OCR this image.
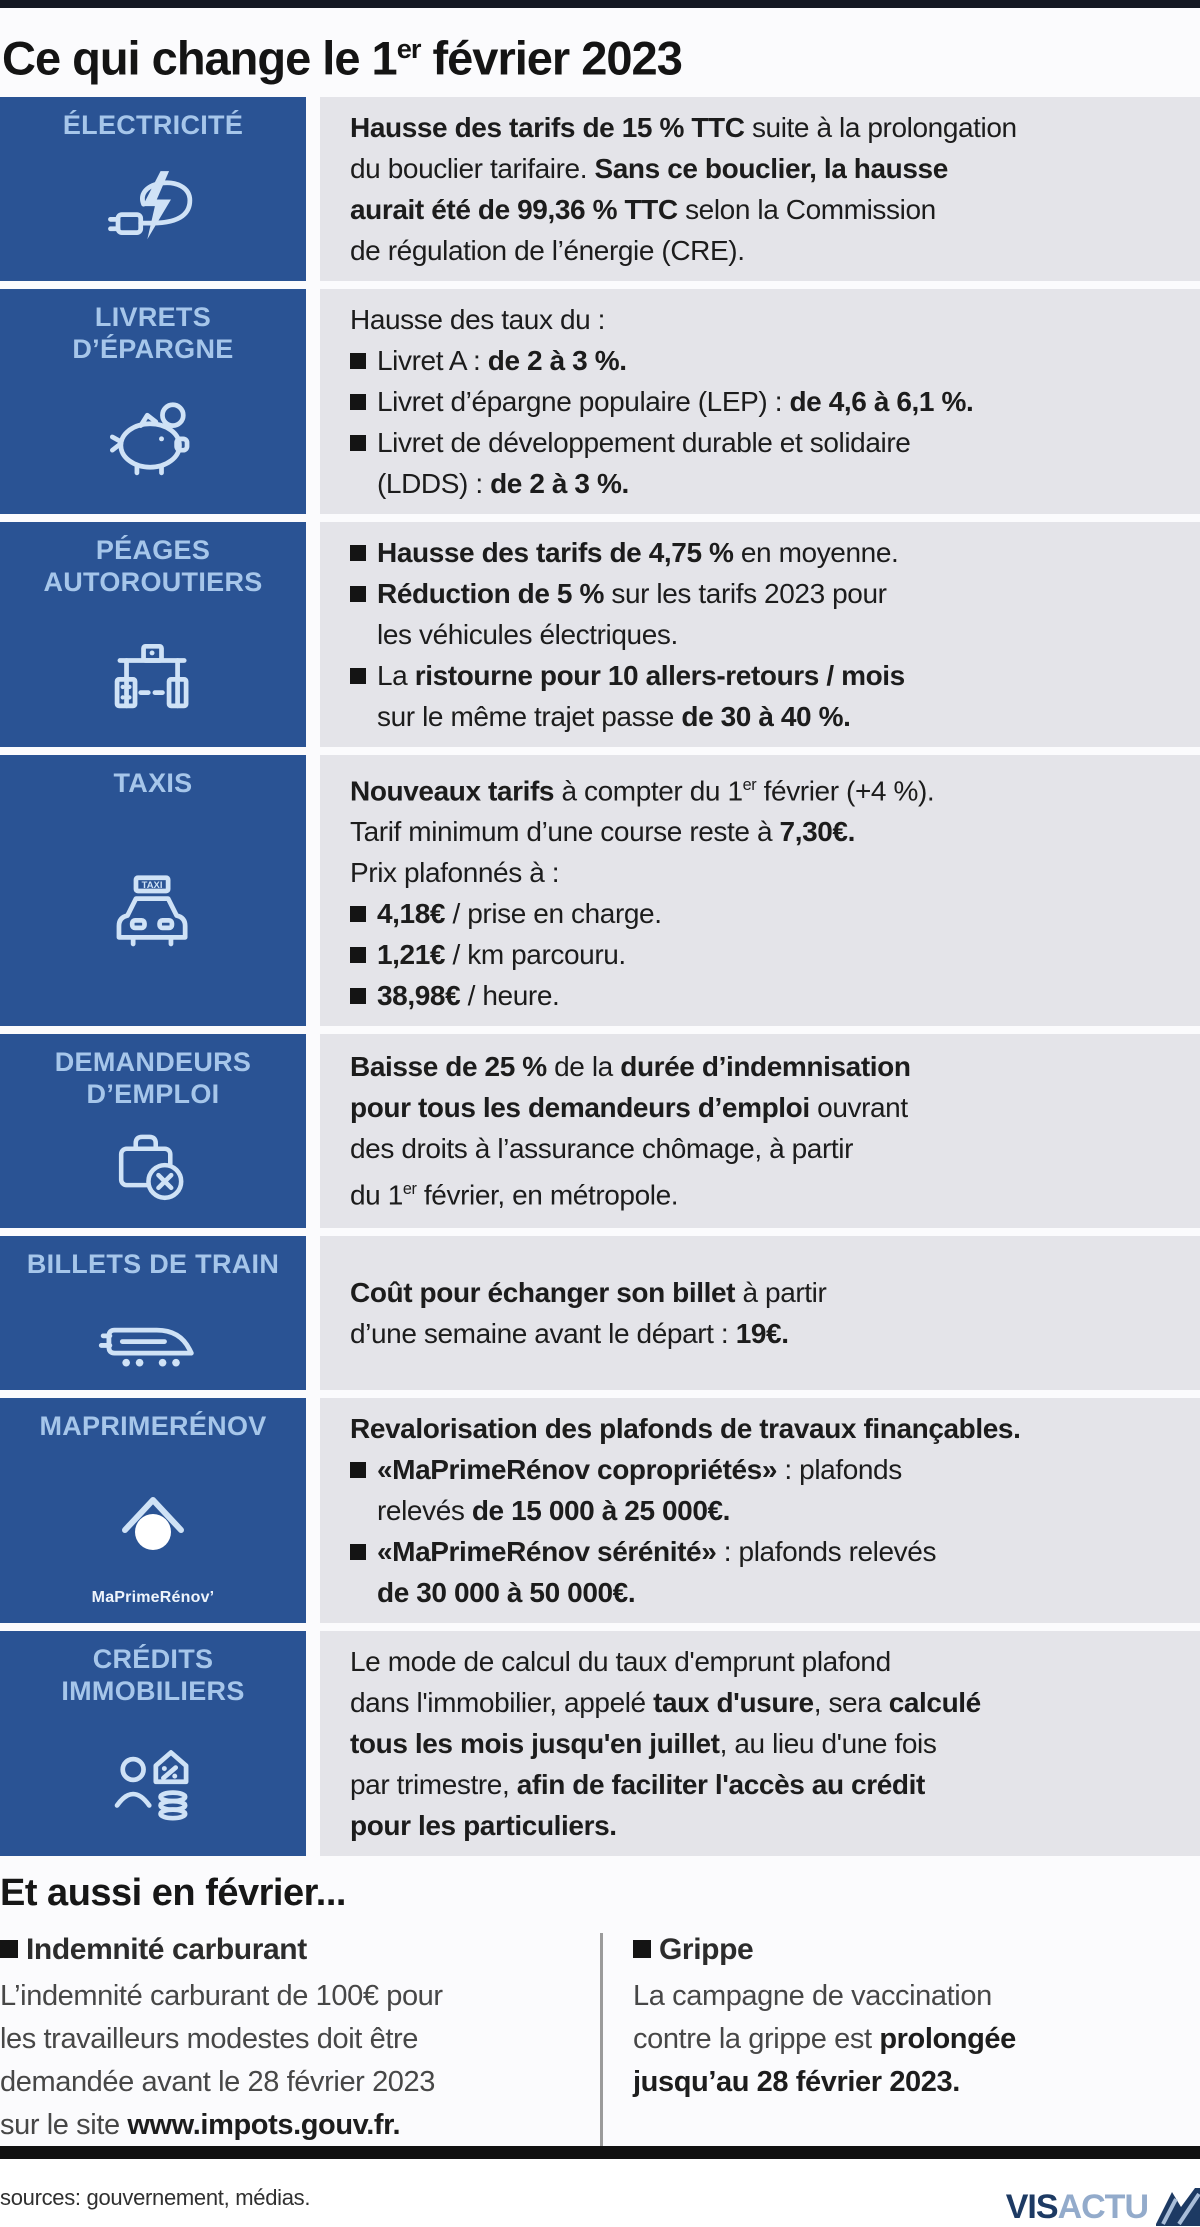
Ce qui change le 1er février 2023
ÉLECTRICITÉ	Hausse des tarifs de 15 % TTC suite à la prolongation
du bouclier tarifaire. Sans ce bouclier, la hausse
aurait été de 99,36 % TTC selon la Commission
de régulation de l’énergie (CRE).
LIVRETS
D’ÉPARGNE
Hausse des taux du :
Livret A : de 2 à 3 %.
Livret d’épargne populaire (LEP) : de 4,6 à 6,1 %.
Livret de développement durable et solidaire
(LDDS) : de 2 à 3 %.
PÉAGES
AUTOROUTIERS
Hausse des tarifs de 4,75 % en moyenne.
Réduction de 5 % sur les tarifs 2023 pour
les véhicules électriques.
La ristourne pour 10 allers-retours / mois
sur le même trajet passe de 30 à 40 %.
TAXIS
TAXI
Nouveaux tarifs à compter du 1er février (+4 %).
Tarif minimum d’une course reste à 7,30€.
Prix plafonnés à :
4,18€ / prise en charge.
1,21€ / km parcouru.
38,98€ / heure.
DEMANDEURS
D’EMPLOI
Baisse de 25 % de la durée d’indemnisation
pour tous les demandeurs d’emploi ouvrant
des droits à l’assurance chômage, à partir
du 1er février, en métropole.
BILLETS DE TRAIN
Coût pour échanger son billet à partir
d’une semaine avant le départ : 19€.
MAPRIMERÉNOV
MaPrimeRénov’
Revalorisation des plafonds de travaux finançables.
«MaPrimeRénov copropriétés» : plafonds
relevés de 15 000 à 25 000€.
«MaPrimeRénov sérénité» : plafonds relevés
de 30 000 à 50 000€.
CRÉDITS
IMMOBILIERS
Le mode de calcul du taux d'emprunt plafond
dans l'immobilier, appelé taux d'usure, sera calculé
tous les mois jusqu'en juillet, au lieu d'une fois
par trimestre, afin de faciliter l'accès au crédit
pour les particuliers.
Et aussi en février...
Indemnité carburant
L’indemnité carburant de 100€ pour
les travailleurs modestes doit être
demandée avant le 28 février 2023
sur le site www.impots.gouv.fr.
Grippe
La campagne de vaccination
contre la grippe est prolongée
jusqu’au 28 février 2023.
sources: gouvernement, médias.	VIS ACTU
